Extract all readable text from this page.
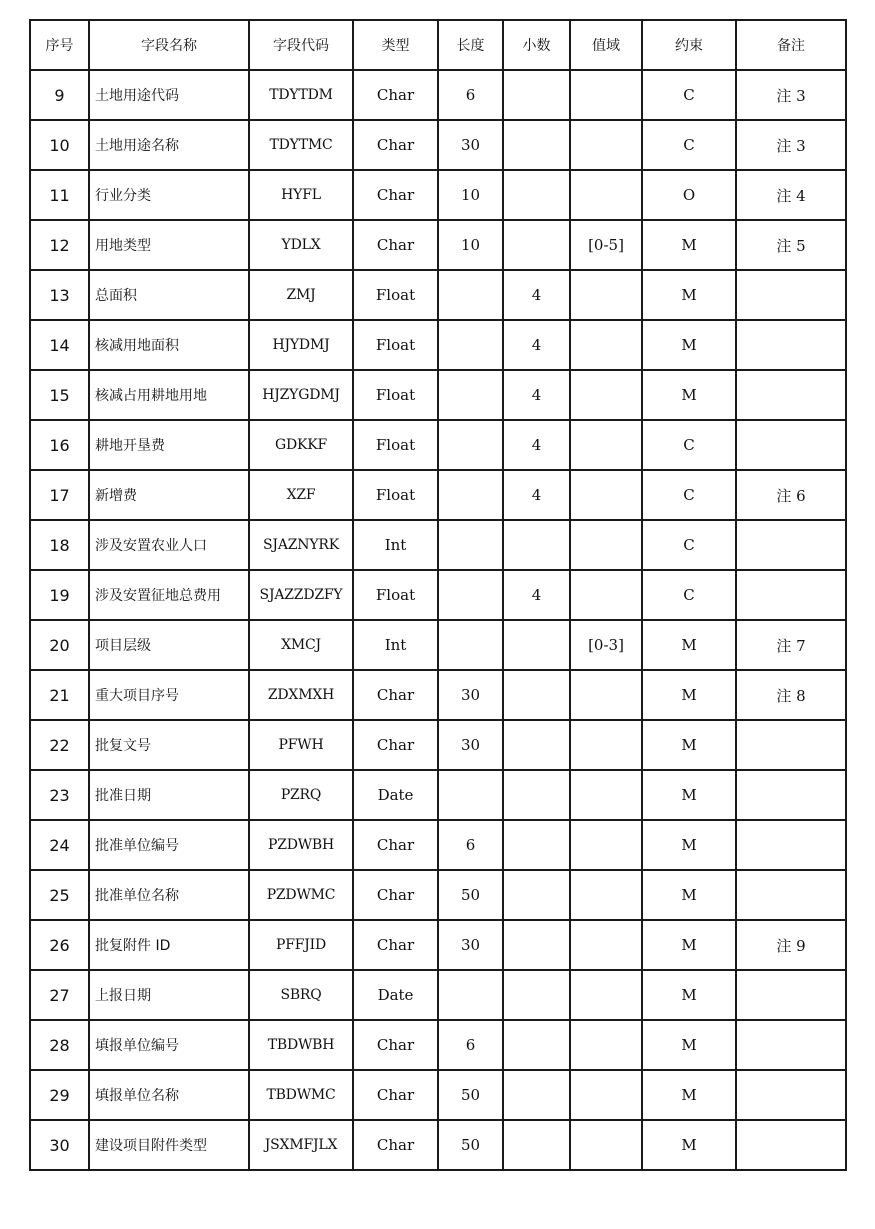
序号	字段名称	字段代码	类型	长度	小数	值域	约束	备注
9	土地用途代码	TDYTDM	Char	6			C	注 3
10	土地用途名称	TDYTMC	Char	30			C	注 3
11	行业分类	HYFL	Char	10			O	注 4
12	用地类型	YDLX	Char	10		[0-5]	M	注 5
13	总面积	ZMJ	Float		4		M	
14	核减用地面积	HJYDMJ	Float		4		M	
15	核减占用耕地用地	HJZYGDMJ	Float		4		M	
16	耕地开垦费	GDKKF	Float		4		C	
17	新增费	XZF	Float		4		C	注 6
18	涉及安置农业人口	SJAZNYRK	Int				C	
19	涉及安置征地总费用	SJAZZDZFY	Float		4		C	
20	项目层级	XMCJ	Int			[0-3]	M	注 7
21	重大项目序号	ZDXMXH	Char	30			M	注 8
22	批复文号	PFWH	Char	30			M	
23	批准日期	PZRQ	Date				M	
24	批准单位编号	PZDWBH	Char	6			M	
25	批准单位名称	PZDWMC	Char	50			M	
26	批复附件 ID	PFFJID	Char	30			M	注 9
27	上报日期	SBRQ	Date				M	
28	填报单位编号	TBDWBH	Char	6			M	
29	填报单位名称	TBDWMC	Char	50			M	
30	建设项目附件类型	JSXMFJLX	Char	50			M	
